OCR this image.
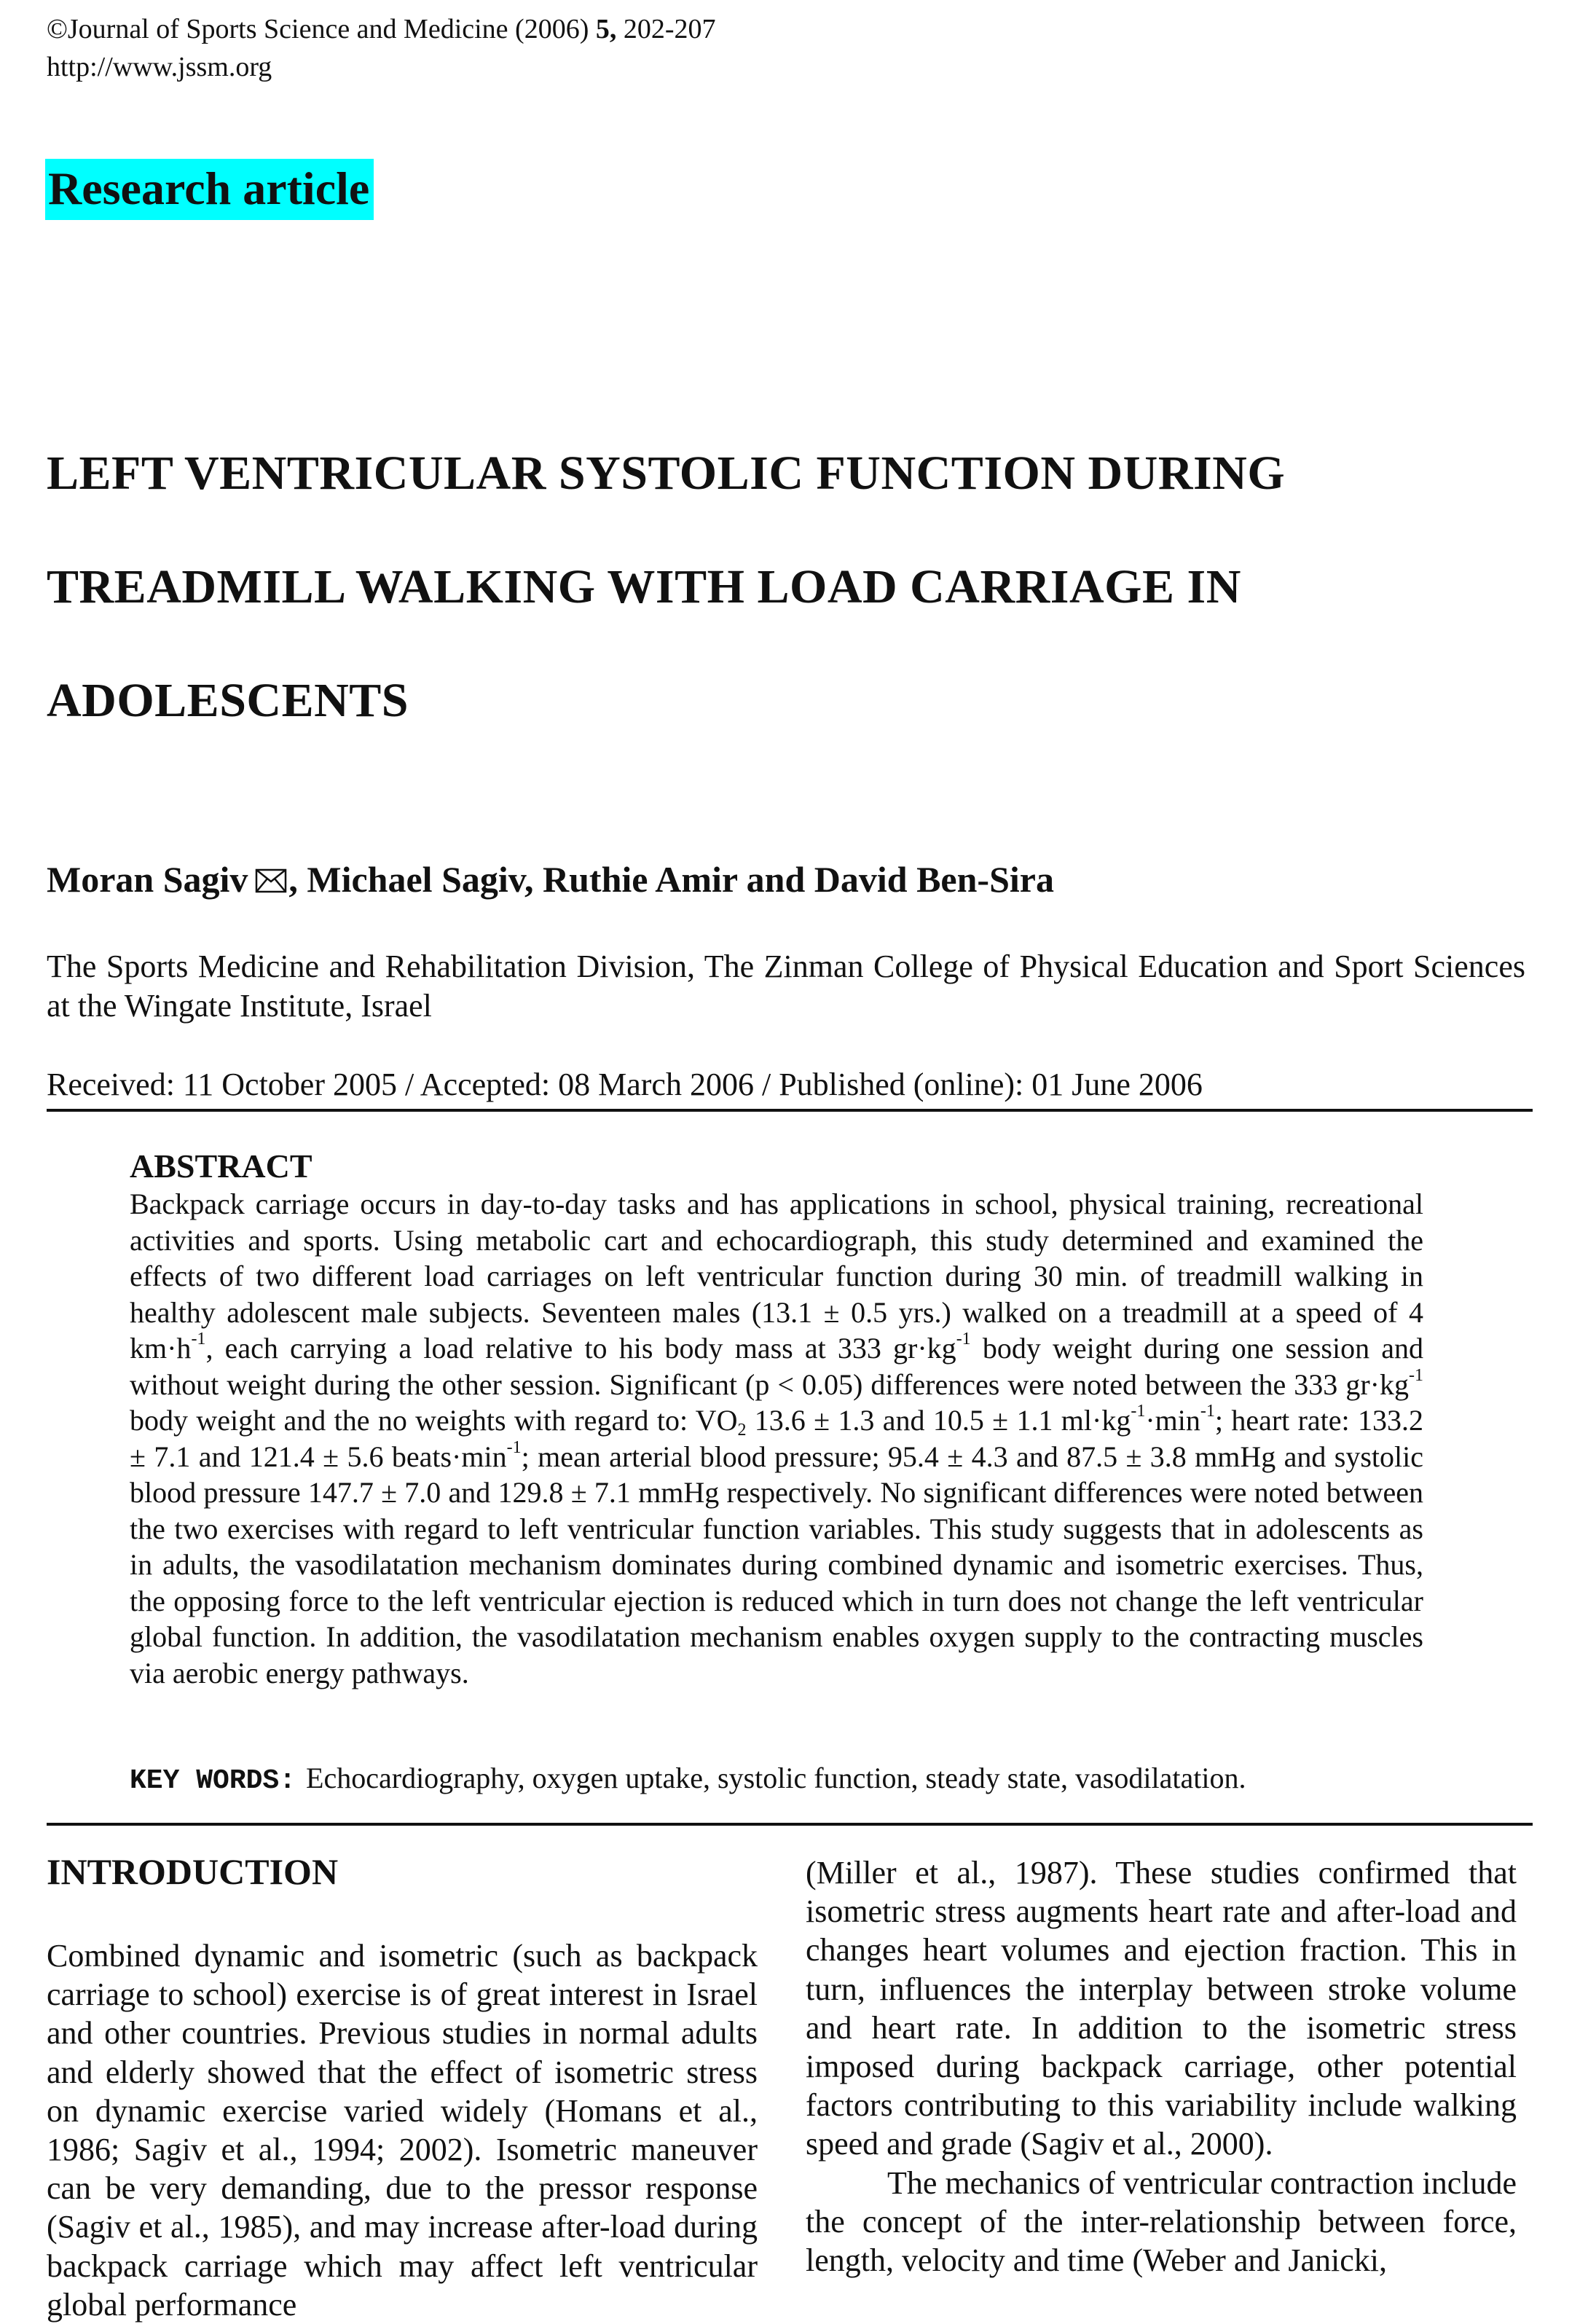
©Journal of Sports Science and Medicine (2006) 5, 202-207
http://www.jssm.org
Research article
LEFT VENTRICULAR SYSTOLIC FUNCTION DURING
TREADMILL WALKING WITH LOAD CARRIAGE IN
ADOLESCENTS
Moran Sagiv , Michael Sagiv, Ruthie Amir and David Ben-Sira
The Sports Medicine and Rehabilitation Division, The Zinman College of Physical Education and Sport Sciences at the Wingate Institute, Israel
Received: 11 October 2005 / Accepted: 08 March 2006 / Published (online): 01 June 2006
ABSTRACT

Backpack carriage occurs in day-to-day tasks and has applications in school, physical training, recreational activities and sports. Using metabolic cart and echocardiograph, this study determined and examined the effects of two different load carriages on left ventricular function during 30 min. of treadmill walking in healthy adolescent male subjects. Seventeen males (13.1 ± 0.5 yrs.) walked on a treadmill at a speed of 4 $km\cdot h^{-1}$, each carrying a load relative to his body mass at 333 $gr\cdot kg^{-1}$ body weight during one session and without weight during the other session. Significant (p < 0.05) differences were noted between the 333 $gr\cdot kg^{-1}$ body weight and the no weights with regard to: $VO_2$ 13.6 ± 1.3 and 10.5 ± 1.1 $ml\cdot kg^{-1}\cdot\min^{-1}$; heart rate: 133.2 ± 7.1 and 121.4 ± 5.6 $beats\cdot\min^{-1}$; mean arterial blood pressure; 95.4 ± 4.3 and 87.5 ± 3.8 mmHg and systolic blood pressure 147.7 ± 7.0 and 129.8 ± 7.1 mmHg respectively. No significant differences were noted between the two exercises with regard to left ventricular function variables. This study suggests that in adolescents as in adults, the vasodilatation mechanism dominates during combined dynamic and isometric exercises. Thus, the opposing force to the left ventricular ejection is reduced which in turn does not change the left ventricular global function. In addition, the vasodilatation mechanism enables oxygen supply to the contracting muscles via aerobic energy pathways.

KEY WORDS: Echocardiography, oxygen uptake, systolic function, steady state, vasodilatation.
INTRODUCTION

Combined dynamic and isometric (such as backpack carriage to school) exercise is of great interest in Israel and other countries. Previous studies in normal adults and elderly showed that the effect of isometric stress on dynamic exercise varied widely (Homans et al., 1986; Sagiv et al., 1994; 2002). Isometric maneuver can be very demanding, due to the pressor response (Sagiv et al., 1985), and may increase after-load during backpack carriage which may affect left ventricular global performance

(Miller et al., 1987). These studies confirmed that isometric stress augments heart rate and after-load and changes heart volumes and ejection fraction. This in turn, influences the interplay between stroke volume and heart rate. In addition to the isometric stress imposed during backpack carriage, other potential factors contributing to this variability include walking speed and grade (Sagiv et al., 2000).

The mechanics of ventricular contraction include the concept of the inter-relationship between force, length, velocity and time (Weber and Janicki,
